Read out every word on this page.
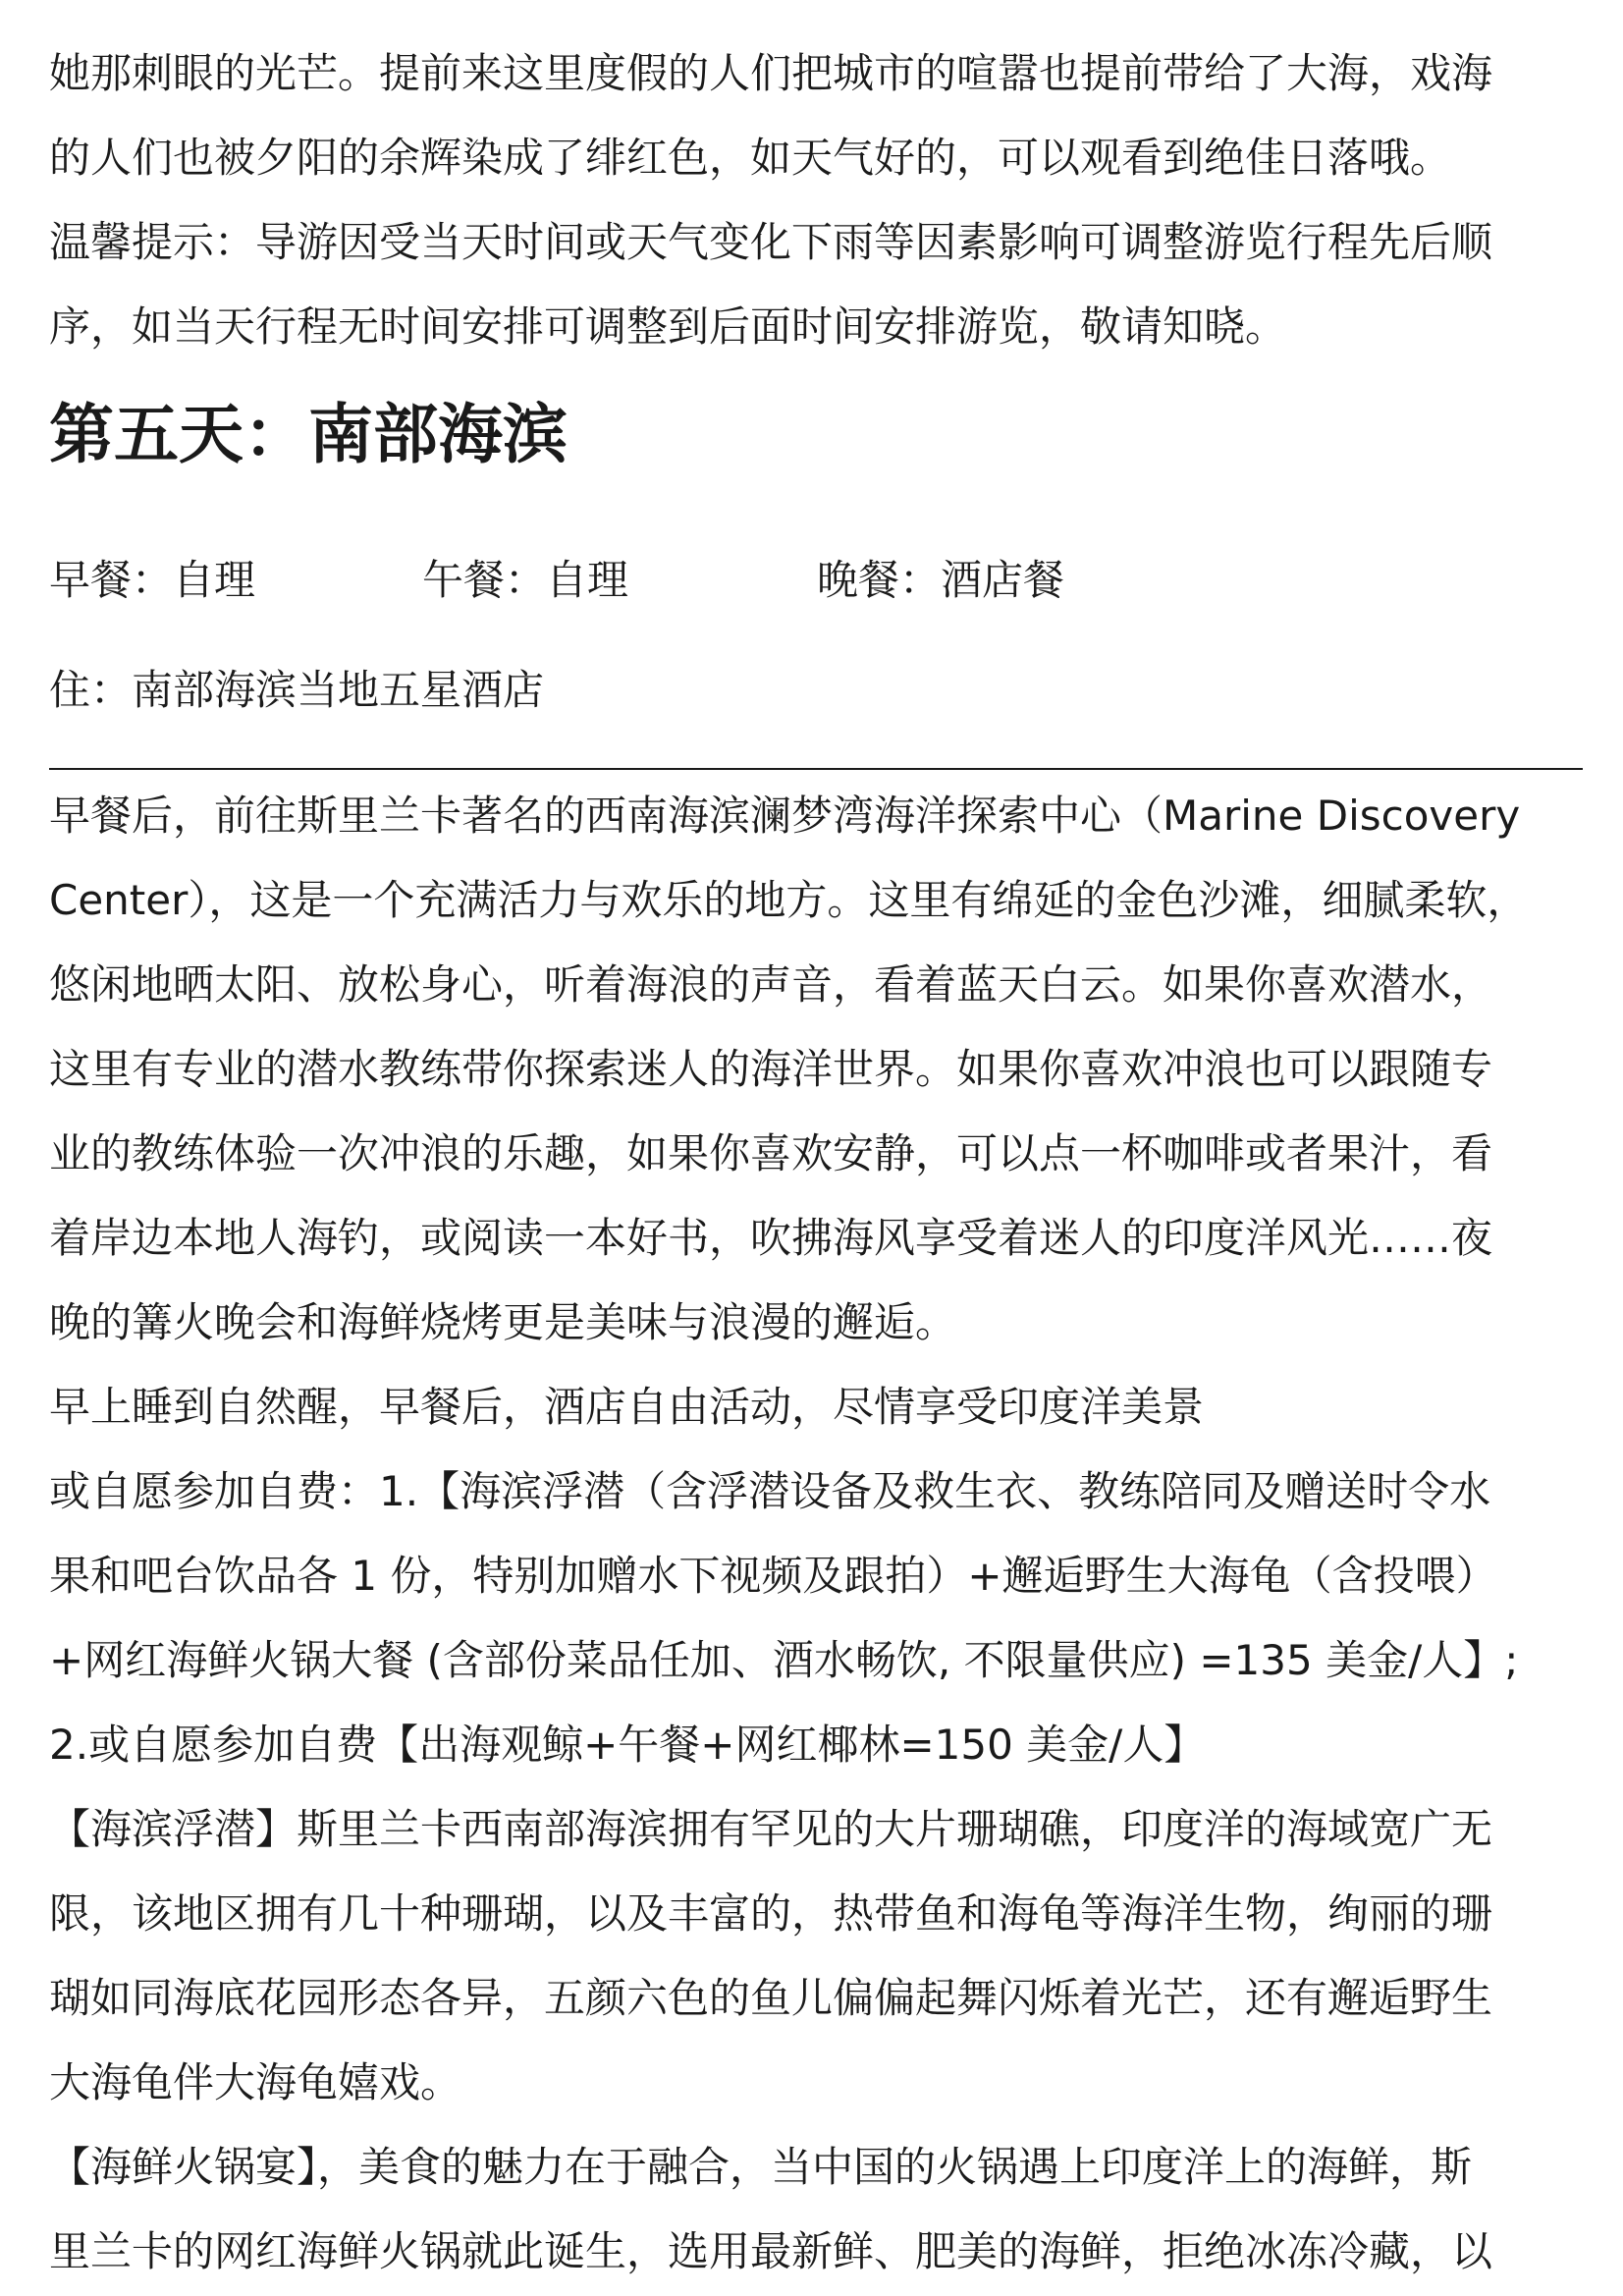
她那刺眼的光芒。提前来这里度假的人们把城市的喧嚣也提前带给了大海，戏海

的人们也被夕阳的余辉染成了绯红色，如天气好的，可以观看到绝佳日落哦。

温馨提示：导游因受当天时间或天气变化下雨等因素影响可调整游览行程先后顺

序，如当天行程无时间安排可调整到后面时间安排游览，敬请知晓。

第五天：南部海滨
早餐：自理	午餐：自理	晚餐：酒店餐
住：南部海滨当地五星酒店

早餐后，前往斯里兰卡著名的西南海滨澜梦湾海洋探索中心（Marine Discovery

Center），这是一个充满活力与欢乐的地方。这里有绵延的金色沙滩，细腻柔软，

悠闲地晒太阳、放松身心，听着海浪的声音，看着蓝天白云。如果你喜欢潜水，

这里有专业的潜水教练带你探索迷人的海洋世界。如果你喜欢冲浪也可以跟随专

业的教练体验一次冲浪的乐趣，如果你喜欢安静，可以点一杯咖啡或者果汁，看

着岸边本地人海钓，或阅读一本好书，吹拂海风享受着迷人的印度洋风光……夜

晚的篝火晚会和海鲜烧烤更是美味与浪漫的邂逅。

早上睡到自然醒，早餐后，酒店自由活动，尽情享受印度洋美景

或自愿参加自费：1.【海滨浮潜（含浮潜设备及救生衣、教练陪同及赠送时令水

果和吧台饮品各 1 份，特别加赠水下视频及跟拍）+邂逅野生大海龟（含投喂）

+网红海鲜火锅大餐 (含部份菜品任加、酒水畅饮, 不限量供应) =135 美金/人】;

2.或自愿参加自费【出海观鲸+午餐+网红椰林=150 美金/人】

【海滨浮潜】斯里兰卡西南部海滨拥有罕见的大片珊瑚礁，印度洋的海域宽广无

限，该地区拥有几十种珊瑚，以及丰富的，热带鱼和海龟等海洋生物，绚丽的珊

瑚如同海底花园形态各异，五颜六色的鱼儿偏偏起舞闪烁着光芒，还有邂逅野生

大海龟伴大海龟嬉戏。

【海鲜火锅宴】，美食的魅力在于融合，当中国的火锅遇上印度洋上的海鲜，斯

里兰卡的网红海鲜火锅就此诞生，选用最新鲜、肥美的海鲜，拒绝冰冻冷藏，以
